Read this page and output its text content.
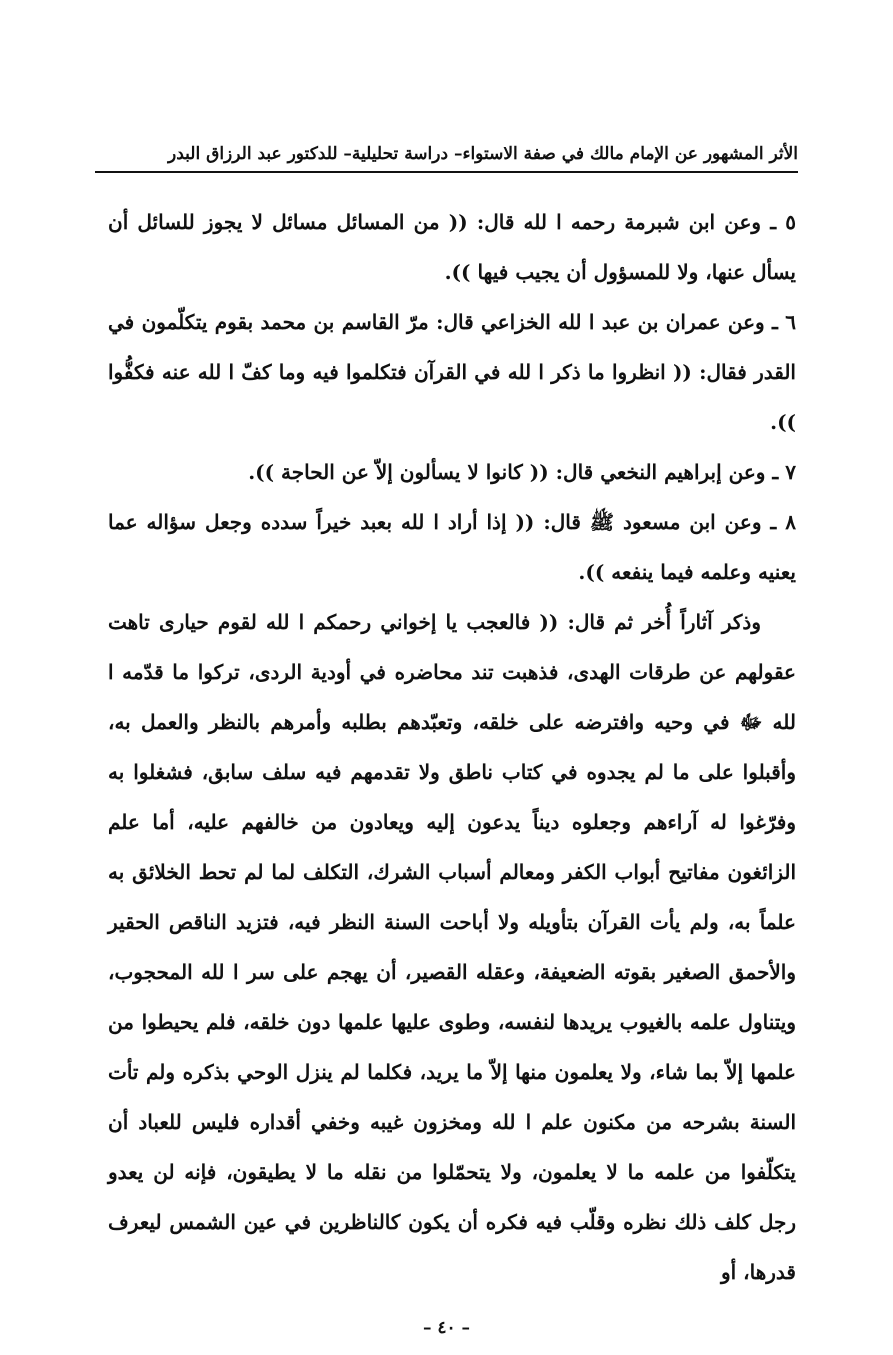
الأثر المشهور عن الإمام مالك في صفة الاستواء– دراسة تحليلية– للدكتور عبد الرزاق البدر

٥ ـ وعن ابن شبرمة رحمه ا لله قال: (( من المسائل مسائل لا يجوز للسائل أن يسأل عنها، ولا للمسؤول أن يجيب فيها )).

٦ ـ وعن عمران بن عبد ا لله الخزاعي قال: مرّ القاسم بن محمد بقوم يتكلّمون في القدر فقال: (( انظروا ما ذكر ا لله في القرآن فتكلموا فيه وما كفّ ا لله عنه فكفُّوا )).

٧ ـ وعن إبراهيم النخعي قال: (( كانوا لا يسألون إلاّ عن الحاجة )).

٨ ـ وعن ابن مسعود ﷺ قال: (( إذا أراد ا لله بعبد خيراً سدده وجعل سؤاله عما يعنيه وعلمه فيما ينفعه )).

وذكر آثاراً أُخر ثم قال: (( فالعجب يا إخواني رحمكم ا لله لقوم حيارى تاهت عقولهم عن طرقات الهدى، فذهبت تند محاضره في أودية الردى، تركوا ما قدّمه ا لله ﷻ في وحيه وافترضه على خلقه، وتعبّدهم بطلبه وأمرهم بالنظر والعمل به، وأقبلوا على ما لم يجدوه في كتاب ناطق ولا تقدمهم فيه سلف سابق، فشغلوا به وفرّغوا له آراءهم وجعلوه ديناً يدعون إليه ويعادون من خالفهم عليه، أما علم الزائغون مفاتيح أبواب الكفر ومعالم أسباب الشرك، التكلف لما لم تحط الخلائق به علماً به، ولم يأت القرآن بتأويله ولا أباحت السنة النظر فيه، فتزيد الناقص الحقير والأحمق الصغير بقوته الضعيفة، وعقله القصير، أن يهجم على سر ا لله المحجوب، ويتناول علمه بالغيوب يريدها لنفسه، وطوى عليها علمها دون خلقه، فلم يحيطوا من علمها إلاّ بما شاء، ولا يعلمون منها إلاّ ما يريد، فكلما لم ينزل الوحي بذكره ولم تأت السنة بشرحه من مكنون علم ا لله ومخزون غيبه وخفي أقداره فليس للعباد أن يتكلّفوا من علمه ما لا يعلمون، ولا يتحمّلوا من نقله ما لا يطيقون، فإنه لن يعدو رجل كلف ذلك نظره وقلّب فيه فكره أن يكون كالناظرين في عين الشمس ليعرف قدرها، أو

– ٤٠ –
